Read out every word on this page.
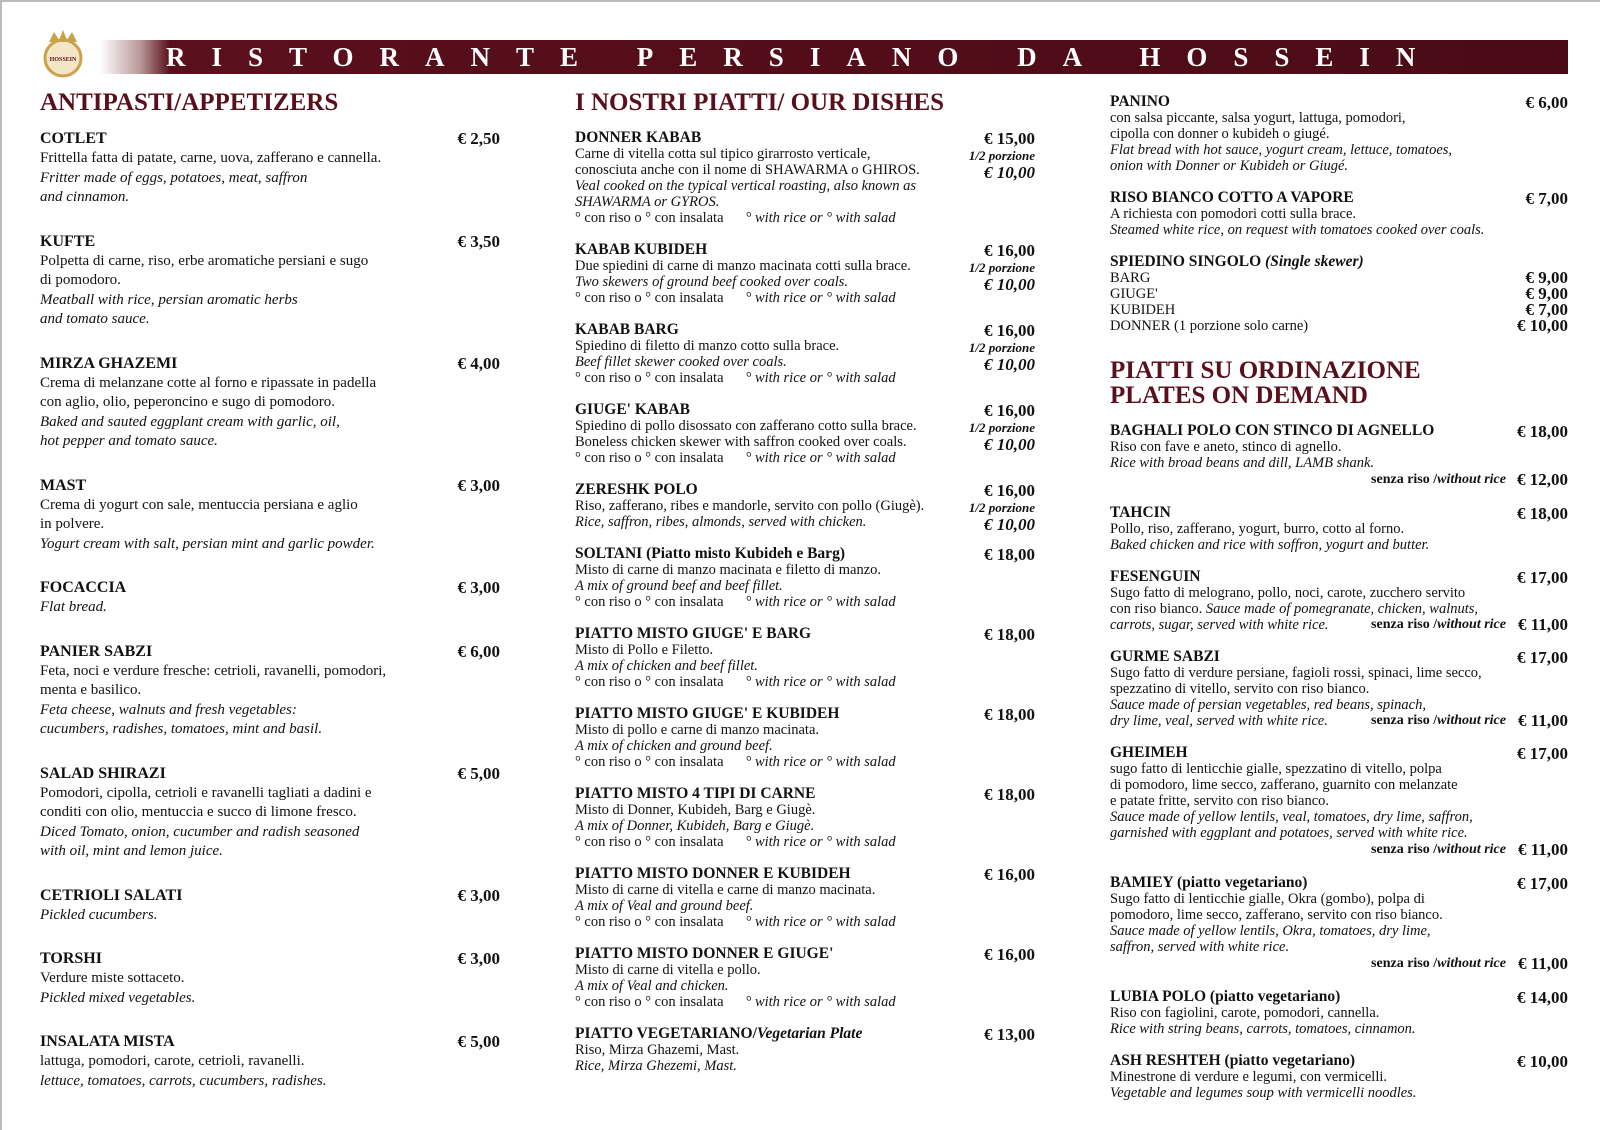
HOSSEIN	RISTORANTE PERSIANO DA HOSSEIN
ANTIPASTI/APPETIZERS
COTLET	€ 2,50
Frittella fatta di patate, carne, uova, zafferano e cannella.
Fritter made of eggs, potatoes, meat, saffron
and cinnamon.
KUFTE	€ 3,50
Polpetta di carne, riso, erbe aromatiche persiani e sugo
di pomodoro.
Meatball with rice, persian aromatic herbs
and tomato sauce.
MIRZA GHAZEMI	€ 4,00
Crema di melanzane cotte al forno e ripassate in padella
con aglio, olio, peperoncino e sugo di pomodoro.
Baked and sauted eggplant cream with garlic, oil,
hot pepper and tomato sauce.
MAST	€ 3,00
Crema di yogurt con sale, mentuccia persiana e aglio
in polvere.
Yogurt cream with salt, persian mint and garlic powder.
FOCACCIA	€ 3,00
Flat bread.
PANIER SABZI	€ 6,00
Feta, noci e verdure fresche: cetrioli, ravanelli, pomodori,
menta e basilico.
Feta cheese, walnuts and fresh vegetables:
cucumbers, radishes, tomatoes, mint and basil.
SALAD SHIRAZI	€ 5,00
Pomodori, cipolla, cetrioli e ravanelli tagliati a dadini e
conditi con olio, mentuccia e succo di limone fresco.
Diced Tomato, onion, cucumber and radish seasoned
with oil, mint and lemon juice.
CETRIOLI SALATI	€ 3,00
Pickled cucumbers.
TORSHI	€ 3,00
Verdure miste sottaceto.
Pickled mixed vegetables.
INSALATA MISTA	€ 5,00
lattuga, pomodori, carote, cetrioli, ravanelli.
lettuce, tomatoes, carrots, cucumbers, radishes.
I NOSTRI PIATTI/ OUR DISHES
DONNER KABAB	€ 15,00
1/2 porzione
€ 10,00
Carne di vitella cotta sul tipico girarrosto verticale,
conosciuta anche con il nome di SHAWARMA o GHIROS.
Veal cooked on the typical vertical roasting, also known as
SHAWARMA or GYROS.
° con riso o ° con insalata ° with rice or ° with salad
KABAB KUBIDEH	€ 16,00
1/2 porzione
€ 10,00
Due spiedini di carne di manzo macinata cotti sulla brace.
Two skewers of ground beef cooked over coals.
° con riso o ° con insalata ° with rice or ° with salad
KABAB BARG	€ 16,00
1/2 porzione
€ 10,00
Spiedino di filetto di manzo cotto sulla brace.
Beef fillet skewer cooked over coals.
° con riso o ° con insalata ° with rice or ° with salad
GIUGE' KABAB	€ 16,00
1/2 porzione
€ 10,00
Spiedino di pollo disossato con zafferano cotto sulla brace.
Boneless chicken skewer with saffron cooked over coals.
° con riso o ° con insalata ° with rice or ° with salad
ZERESHK POLO	€ 16,00
1/2 porzione
€ 10,00
Riso, zafferano, ribes e mandorle, servito con pollo (Giugè).
Rice, saffron, ribes, almonds, served with chicken.
SOLTANI (Piatto misto Kubideh e Barg)	€ 18,00
Misto di carne di manzo macinata e filetto di manzo.
A mix of ground beef and beef fillet.
° con riso o ° con insalata ° with rice or ° with salad
PIATTO MISTO GIUGE' E BARG	€ 18,00
Misto di Pollo e Filetto.
A mix of chicken and beef fillet.
° con riso o ° con insalata ° with rice or ° with salad
PIATTO MISTO GIUGE' E KUBIDEH	€ 18,00
Misto di pollo e carne di manzo macinata.
A mix of chicken and ground beef.
° con riso o ° con insalata ° with rice or ° with salad
PIATTO MISTO 4 TIPI DI CARNE	€ 18,00
Misto di Donner, Kubideh, Barg e Giugè.
A mix of Donner, Kubideh, Barg e Giugè.
° con riso o ° con insalata ° with rice or ° with salad
PIATTO MISTO DONNER E KUBIDEH	€ 16,00
Misto di carne di vitella e carne di manzo macinata.
A mix of Veal and ground beef.
° con riso o ° con insalata ° with rice or ° with salad
PIATTO MISTO DONNER E GIUGE'	€ 16,00
Misto di carne di vitella e pollo.
A mix of Veal and chicken.
° con riso o ° con insalata ° with rice or ° with salad
PIATTO VEGETARIANO/Vegetarian Plate	€ 13,00
Riso, Mirza Ghazemi, Mast.
Rice, Mirza Ghezemi, Mast.
PANINO	€ 6,00
con salsa piccante, salsa yogurt, lattuga, pomodori,
cipolla con donner o kubideh o giugé.
Flat bread with hot sauce, yogurt cream, lettuce, tomatoes,
onion with Donner or Kubideh or Giugé.
RISO BIANCO COTTO A VAPORE	€ 7,00
A richiesta con pomodori cotti sulla brace.
Steamed white rice, on request with tomatoes cooked over coals.
SPIEDINO SINGOLO (Single skewer)
BARG	€ 9,00
GIUGE'	€ 9,00
KUBIDEH	€ 7,00
DONNER (1 porzione solo carne)	€ 10,00
PIATTI SU ORDINAZIONE
PLATES ON DEMAND
BAGHALI POLO CON STINCO DI AGNELLO	€ 18,00
Riso con fave e aneto, stinco di agnello.
Rice with broad beans and dill, LAMB shank.
senza riso /without rice € 12,00
TAHCIN	€ 18,00
Pollo, riso, zafferano, yogurt, burro, cotto al forno.
Baked chicken and rice with soffron, yogurt and butter.
FESENGUIN	€ 17,00
Sugo fatto di melograno, pollo, noci, carote, zucchero servito
con riso bianco. Sauce made of pomegranate, chicken, walnuts,
carrots, sugar, served with white rice.	senza riso /without rice € 11,00
GURME SABZI	€ 17,00
Sugo fatto di verdure persiane, fagioli rossi, spinaci, lime secco,
spezzatino di vitello, servito con riso bianco.
Sauce made of persian vegetables, red beans, spinach,
dry lime, veal, served with white rice.	senza riso /without rice € 11,00
GHEIMEH	€ 17,00
sugo fatto di lenticchie gialle, spezzatino di vitello, polpa
di pomodoro, lime secco, zafferano, guarnito con melanzate
e patate fritte, servito con riso bianco.
Sauce made of yellow lentils, veal, tomatoes, dry lime, saffron,
garnished with eggplant and potatoes, served with white rice.
senza riso /without rice € 11,00
BAMIEY (piatto vegetariano)	€ 17,00
Sugo fatto di lenticchie gialle, Okra (gombo), polpa di
pomodoro, lime secco, zafferano, servito con riso bianco.
Sauce made of yellow lentils, Okra, tomatoes, dry lime,
saffron, served with white rice.
senza riso /without rice € 11,00
LUBIA POLO (piatto vegetariano)	€ 14,00
Riso con fagiolini, carote, pomodori, cannella.
Rice with string beans, carrots, tomatoes, cinnamon.
ASH RESHTEH (piatto vegetariano)	€ 10,00
Minestrone di verdure e legumi, con vermicelli.
Vegetable and legumes soup with vermicelli noodles.
